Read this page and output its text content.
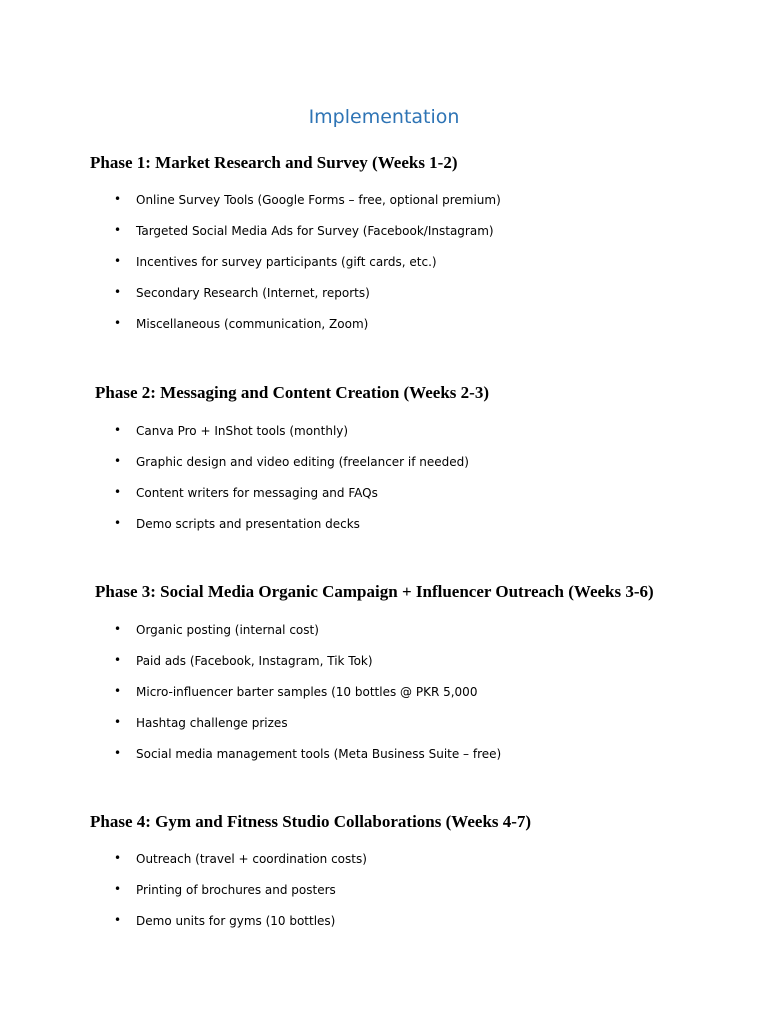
Implementation
Phase 1: Market Research and Survey (Weeks 1-2)
• Online Survey Tools (Google Forms – free, optional premium)
• Targeted Social Media Ads for Survey (Facebook/Instagram)
• Incentives for survey participants (gift cards, etc.)
• Secondary Research (Internet, reports)
• Miscellaneous (communication, Zoom)
Phase 2: Messaging and Content Creation (Weeks 2-3)
• Canva Pro + InShot tools (monthly)
• Graphic design and video editing (freelancer if needed)
• Content writers for messaging and FAQs
• Demo scripts and presentation decks
Phase 3: Social Media Organic Campaign + Influencer Outreach (Weeks 3-6)
• Organic posting (internal cost)
• Paid ads (Facebook, Instagram, Tik Tok)
• Micro-influencer barter samples (10 bottles @ PKR 5,000
• Hashtag challenge prizes
• Social media management tools (Meta Business Suite – free)
Phase 4: Gym and Fitness Studio Collaborations (Weeks 4-7)
• Outreach (travel + coordination costs)
• Printing of brochures and posters
• Demo units for gyms (10 bottles)
